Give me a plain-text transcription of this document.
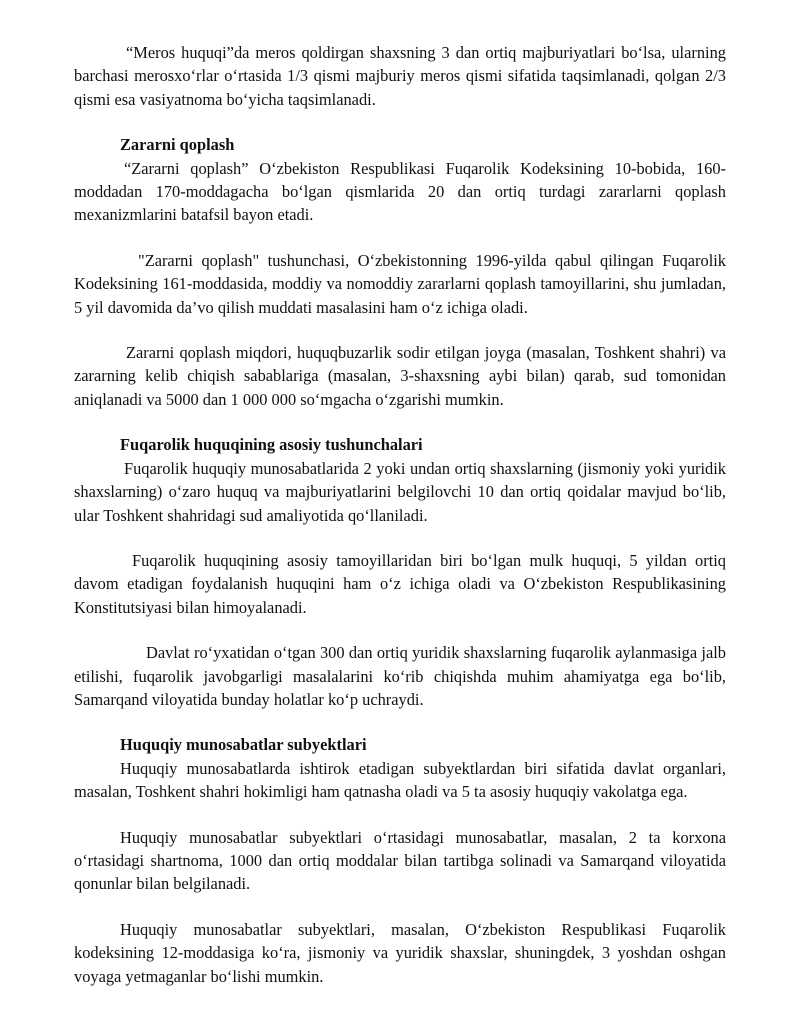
“Meros huquqi”da meros qoldirgan shaxsning 3 dan ortiq majburiyatlari bo‘lsa, ularning barchasi merosxo‘rlar o‘rtasida 1/3 qismi majburiy meros qismi sifatida taqsimlanadi, qolgan 2/3 qismi esa vasiyatnoma bo‘yicha taqsimlanadi.

Zararni qoplash

“Zararni qoplash” O‘zbekiston Respublikasi Fuqarolik Kodeksining 10-bobida, 160-moddadan 170-moddagacha bo‘lgan qismlarida 20 dan ortiq turdagi zararlarni qoplash mexanizmlarini batafsil bayon etadi.

"Zararni qoplash" tushunchasi, O‘zbekistonning 1996-yilda qabul qilingan Fuqarolik Kodeksining 161-moddasida, moddiy va nomoddiy zararlarni qoplash tamoyillarini, shu jumladan, 5 yil davomida da’vo qilish muddati masalasini ham o‘z ichiga oladi.

Zararni qoplash miqdori, huquqbuzarlik sodir etilgan joyga (masalan, Toshkent shahri) va zararning kelib chiqish sabablariga (masalan, 3-shaxsning aybi bilan) qarab, sud tomonidan aniqlanadi va 5000 dan 1 000 000 so‘mgacha o‘zgarishi mumkin.

Fuqarolik huquqining asosiy tushunchalari

Fuqarolik huquqiy munosabatlarida 2 yoki undan ortiq shaxslarning (jismoniy yoki yuridik shaxslarning) o‘zaro huquq va majburiyatlarini belgilovchi 10 dan ortiq qoidalar mavjud bo‘lib, ular Toshkent shahridagi sud amaliyotida qo‘llaniladi.

Fuqarolik huquqining asosiy tamoyillaridan biri bo‘lgan mulk huquqi, 5 yildan ortiq davom etadigan foydalanish huquqini ham o‘z ichiga oladi va O‘zbekiston Respublikasining Konstitutsiyasi bilan himoyalanadi.

Davlat ro‘yxatidan o‘tgan 300 dan ortiq yuridik shaxslarning fuqarolik aylanmasiga jalb etilishi, fuqarolik javobgarligi masalalarini ko‘rib chiqishda muhim ahamiyatga ega bo‘lib, Samarqand viloyatida bunday holatlar ko‘p uchraydi.

Huquqiy munosabatlar subyektlari

Huquqiy munosabatlarda ishtirok etadigan subyektlardan biri sifatida davlat organlari, masalan, Toshkent shahri hokimligi ham qatnasha oladi va 5 ta asosiy huquqiy vakolatga ega.

Huquqiy munosabatlar subyektlari o‘rtasidagi munosabatlar, masalan, 2 ta korxona o‘rtasidagi shartnoma, 1000 dan ortiq moddalar bilan tartibga solinadi va Samarqand viloyatida qonunlar bilan belgilanadi.

Huquqiy munosabatlar subyektlari, masalan, O‘zbekiston Respublikasi Fuqarolik kodeksining 12-moddasiga ko‘ra, jismoniy va yuridik shaxslar, shuningdek, 3 yoshdan oshgan voyaga yetmaganlar bo‘lishi mumkin.
